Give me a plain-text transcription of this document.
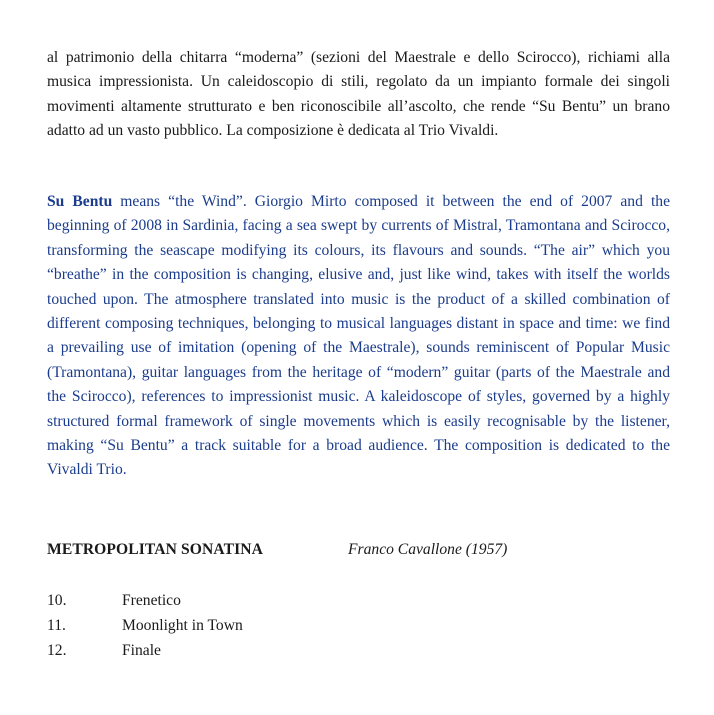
al patrimonio della chitarra “moderna” (sezioni del Maestrale e dello Scirocco), richiami alla musica impressionista. Un caleidoscopio di stili, regolato da un impianto formale dei singoli movimenti altamente strutturato e ben riconoscibile all’ascolto, che rende “Su Bentu” un brano adatto ad un vasto pubblico. La composizione è dedicata al Trio Vivaldi.

Su Bentu means “the Wind”. Giorgio Mirto composed it between the end of 2007 and the beginning of 2008 in Sardinia, facing a sea swept by currents of Mistral, Tramontana and Scirocco, transforming the seascape modifying its colours, its flavours and sounds. “The air” which you “breathe” in the composition is changing, elusive and, just like wind, takes with itself the worlds touched upon. The atmosphere translated into music is the product of a skilled combination of different composing techniques, belonging to musical languages distant in space and time: we find a prevailing use of imitation (opening of the Maestrale), sounds reminiscent of Popular Music (Tramontana), guitar languages from the heritage of “modern” guitar (parts of the Maestrale and the Scirocco), references to impressionist music. A kaleidoscope of styles, governed by a highly structured formal framework of single movements which is easily recognisable by the listener, making “Su Bentu” a track suitable for a broad audience. The composition is dedicated to the Vivaldi Trio.

METROPOLITAN SONATINA	Franco Cavallone (1957)
10.	Frenetico
11.	Moonlight in Town
12.	Finale
